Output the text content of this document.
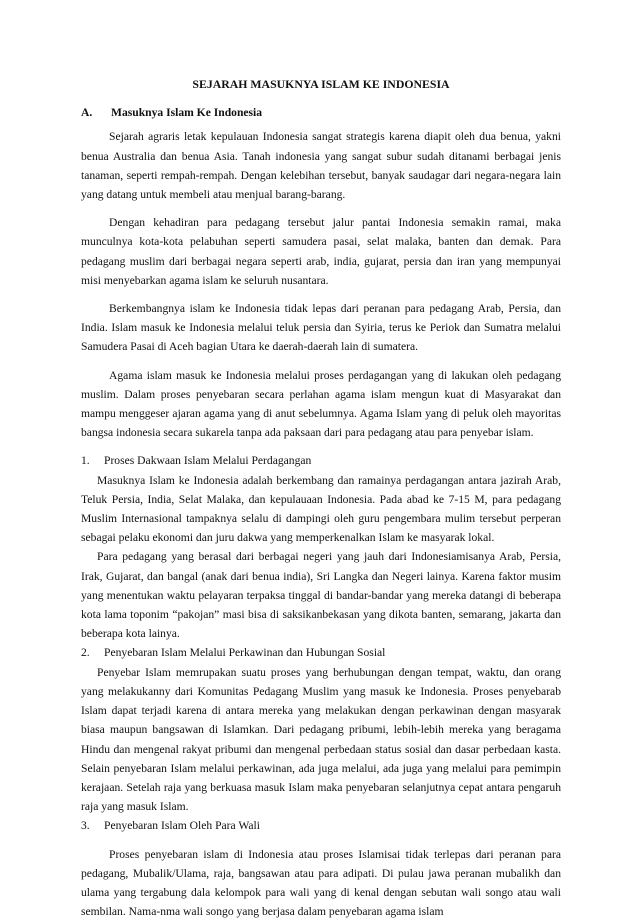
SEJARAH MASUKNYA ISLAM KE INDONESIA
A.	Masuknya Islam Ke Indonesia

Sejarah agraris letak kepulauan Indonesia sangat strategis karena diapit oleh dua benua, yakni benua Australia dan benua Asia. Tanah indonesia yang sangat subur sudah ditanami berbagai jenis tanaman, seperti rempah-rempah. Dengan kelebihan tersebut, banyak saudagar dari negara-negara lain yang datang untuk membeli atau menjual barang-barang.

Dengan kehadiran para pedagang tersebut jalur pantai Indonesia semakin ramai, maka munculnya kota-kota pelabuhan seperti samudera pasai, selat malaka, banten dan demak. Para pedagang muslim dari berbagai negara seperti arab, india, gujarat, persia dan iran yang mempunyai misi menyebarkan agama islam ke seluruh nusantara.

Berkembangnya islam ke Indonesia tidak lepas dari peranan para pedagang Arab, Persia, dan India. Islam masuk ke Indonesia melalui teluk persia dan Syiria, terus ke Periok dan Sumatra melalui Samudera Pasai di Aceh bagian Utara ke daerah-daerah lain di sumatera.

Agama islam masuk ke Indonesia melalui proses perdagangan yang di lakukan oleh pedagang muslim. Dalam proses penyebaran secara perlahan agama islam mengun kuat di Masyarakat dan mampu menggeser ajaran agama yang di anut sebelumnya. Agama Islam yang di peluk oleh mayoritas bangsa indonesia secara sukarela tanpa ada paksaan dari para pedagang atau para penyebar islam.

1.	Proses Dakwaan Islam Melalui Perdagangan

Masuknya Islam ke Indonesia adalah berkembang dan ramainya perdagangan antara jazirah Arab, Teluk Persia, India, Selat Malaka, dan kepulauaan Indonesia. Pada abad ke 7-15 M, para pedagang Muslim Internasional tampaknya selalu di dampingi oleh guru pengembara mulim tersebut perperan sebagai pelaku ekonomi dan juru dakwa yang memperkenalkan Islam ke masyarak lokal.

Para pedagang yang berasal dari berbagai negeri yang jauh dari Indonesiamisanya Arab, Persia, Irak, Gujarat, dan bangal (anak dari benua india), Sri Langka dan Negeri lainya. Karena faktor musim yang menentukan waktu pelayaran terpaksa tinggal di bandar-bandar yang mereka datangi di beberapa kota lama toponim “pakojan” masi bisa di saksikanbekasan yang dikota banten, semarang, jakarta dan beberapa kota lainya.

2.	Penyebaran Islam Melalui Perkawinan dan Hubungan Sosial

Penyebar Islam memrupakan suatu proses yang berhubungan dengan tempat, waktu, dan orang yang melakukanny dari Komunitas Pedagang Muslim yang masuk ke Indonesia. Proses penyebarab Islam dapat terjadi karena di antara mereka yang melakukan dengan perkawinan dengan masyarak biasa maupun bangsawan di Islamkan. Dari pedagang pribumi, lebih-lebih mereka yang beragama Hindu dan mengenal rakyat pribumi dan mengenal perbedaan status sosial dan dasar perbedaan kasta. Selain penyebaran Islam melalui perkawinan, ada juga melalui, ada juga yang melalui para pemimpin kerajaan. Setelah raja yang berkuasa masuk Islam maka penyebaran selanjutnya cepat antara pengaruh raja yang masuk Islam.

3.	Penyebaran Islam Oleh Para Wali

Proses penyebaran islam di Indonesia atau proses Islamisai tidak terlepas dari peranan para pedagang, Mubalik/Ulama, raja, bangsawan atau para adipati. Di pulau jawa peranan mubalikh dan ulama yang tergabung dala kelompok para wali yang di kenal dengan sebutan wali songo atau wali sembilan. Nama-nma wali songo yang berjasa dalam penyebaran agama islam
